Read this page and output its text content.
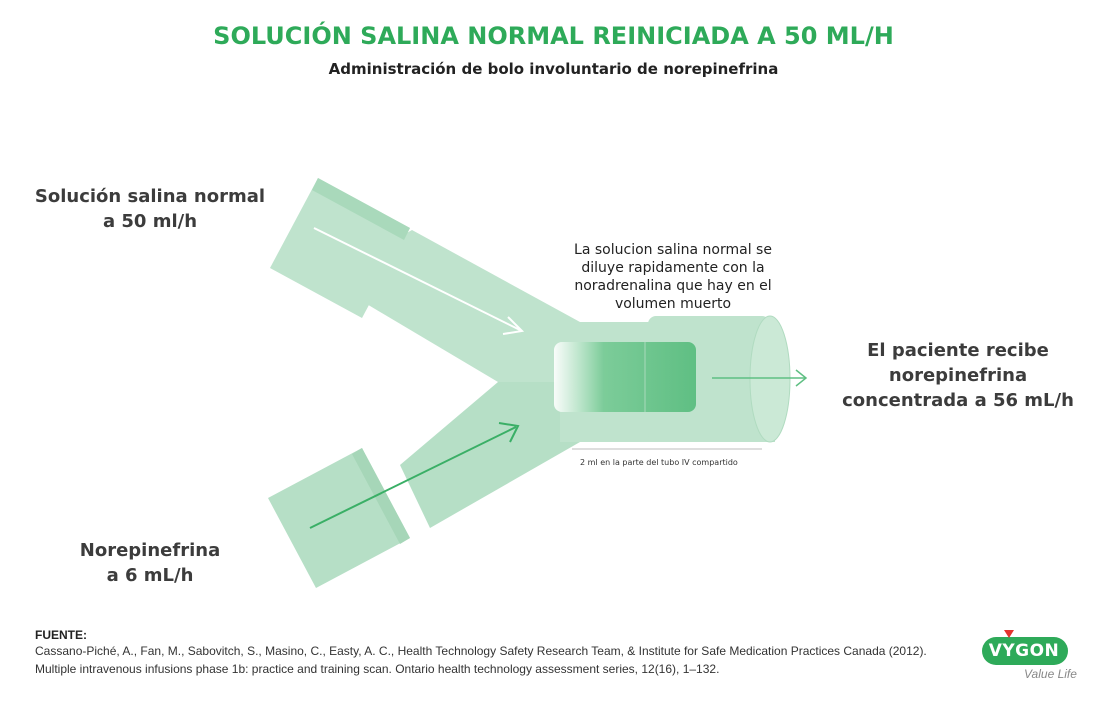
SOLUCIÓN SALINA NORMAL REINICIADA A 50 ML/H
Administración de bolo involuntario de norepinefrina
Solución salina normal
a 50 ml/h
Norepinefrina
a 6 mL/h
El paciente recibe
norepinefrina
concentrada a 56 mL/h
La solucion salina normal se
diluye rapidamente con la
noradrenalina que hay en el
volumen muerto
2 ml en la parte del tubo IV compartido
FUENTE:
Cassano-Piché, A., Fan, M., Sabovitch, S., Masino, C., Easty, A. C., Health Technology Safety Research Team, & Institute for Safe Medication Practices Canada (2012). Multiple intravenous infusions phase 1b: practice and training scan. Ontario health technology assessment series, 12(16), 1–132.
VYGON
Value Life
